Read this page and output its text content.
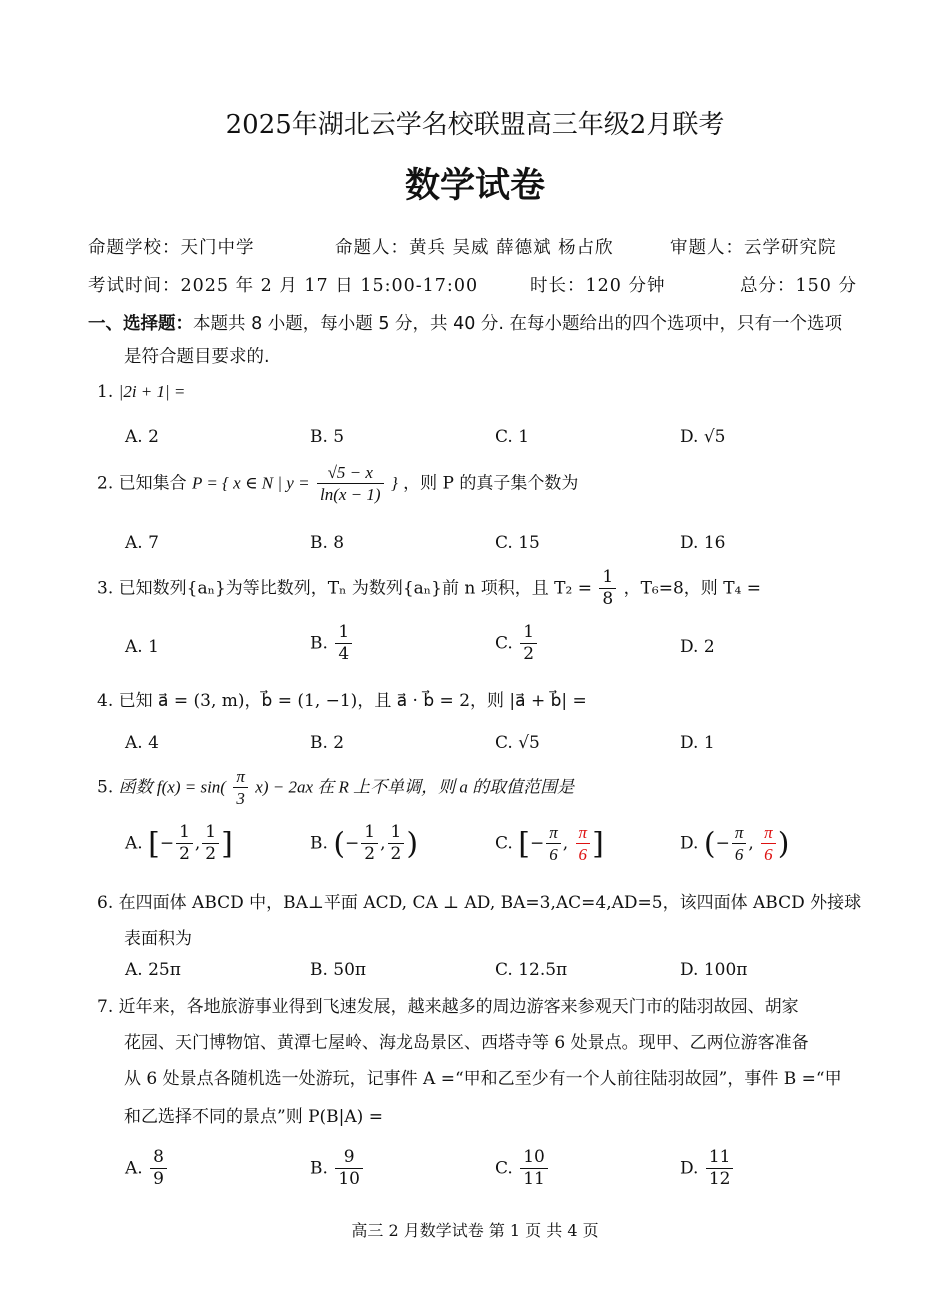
2025年湖北云学名校联盟高三年级2月联考
数学试卷
命题学校：天门中学	命题人：黄兵 吴威 薛德斌 杨占欣	审题人：云学研究院
考试时间：2025 年 2 月 17 日 15:00-17:00	时长：120 分钟	总分：150 分
一、选择题：本题共 8 小题，每小题 5 分，共 40 分. 在每小题给出的四个选项中，只有一个选项
是符合题目要求的.
1. |2i + 1| =
A. 2	B. 5	C. 1	D. √5
2. 已知集合 P = { x ∈ N | $y = \frac{√5 - x}{\ln(x - 1)}$ } ，则 P 的真子集个数为
A. 7	B. 8	C. 15	D. 16
3. 已知数列{aₙ}为等比数列，Tₙ 为数列{aₙ}前 n 项积，且 $T_2 = \frac{1}{8}$ ，T₆=8，则 T₄ =
A. 1	B. $\frac{1}{4}$	C. $\frac{1}{2}$	D. 2
4. 已知 a⃗ = (3, m)，b⃗ = (1, −1)，且 a⃗ · b⃗ = 2，则 |a⃗ + b⃗| =
A. 4	B. 2	C. √5	D. 1
5. 函数 $f(x) = \sin( \frac{\pi}{3} x) - 2ax$ 在 R 上不单调，则 a 的取值范围是
A. [− $\frac{1}{2}$ , $\frac{1}{2}$ ]	B. (− $\frac{1}{2}$ , $\frac{1}{2}$ )	C. [− $\frac{\pi}{6}$ , $\frac{\pi}{6}$ ]	D. (− $\frac{\pi}{6}$ , $\frac{\pi}{6}$ )
6. 在四面体 ABCD 中，BA⊥平面 ACD, CA ⊥ AD, BA=3,AC=4,AD=5，该四面体 ABCD 外接球
表面积为
A. 25π	B. 50π	C. 12.5π	D. 100π
7. 近年来，各地旅游事业得到飞速发展，越来越多的周边游客来参观天门市的陆羽故园、胡家
花园、天门博物馆、黄潭七屋岭、海龙岛景区、西塔寺等 6 处景点。现甲、乙两位游客准备
从 6 处景点各随机选一处游玩，记事件 A =“甲和乙至少有一个人前往陆羽故园”，事件 B =“甲
和乙选择不同的景点”则 P(B|A) =
A. $\frac{8}{9}$	B. $\frac{9}{10}$	C. $\frac{10}{11}$	D. $\frac{11}{12}$
高三 2 月数学试卷 第 1 页 共 4 页
